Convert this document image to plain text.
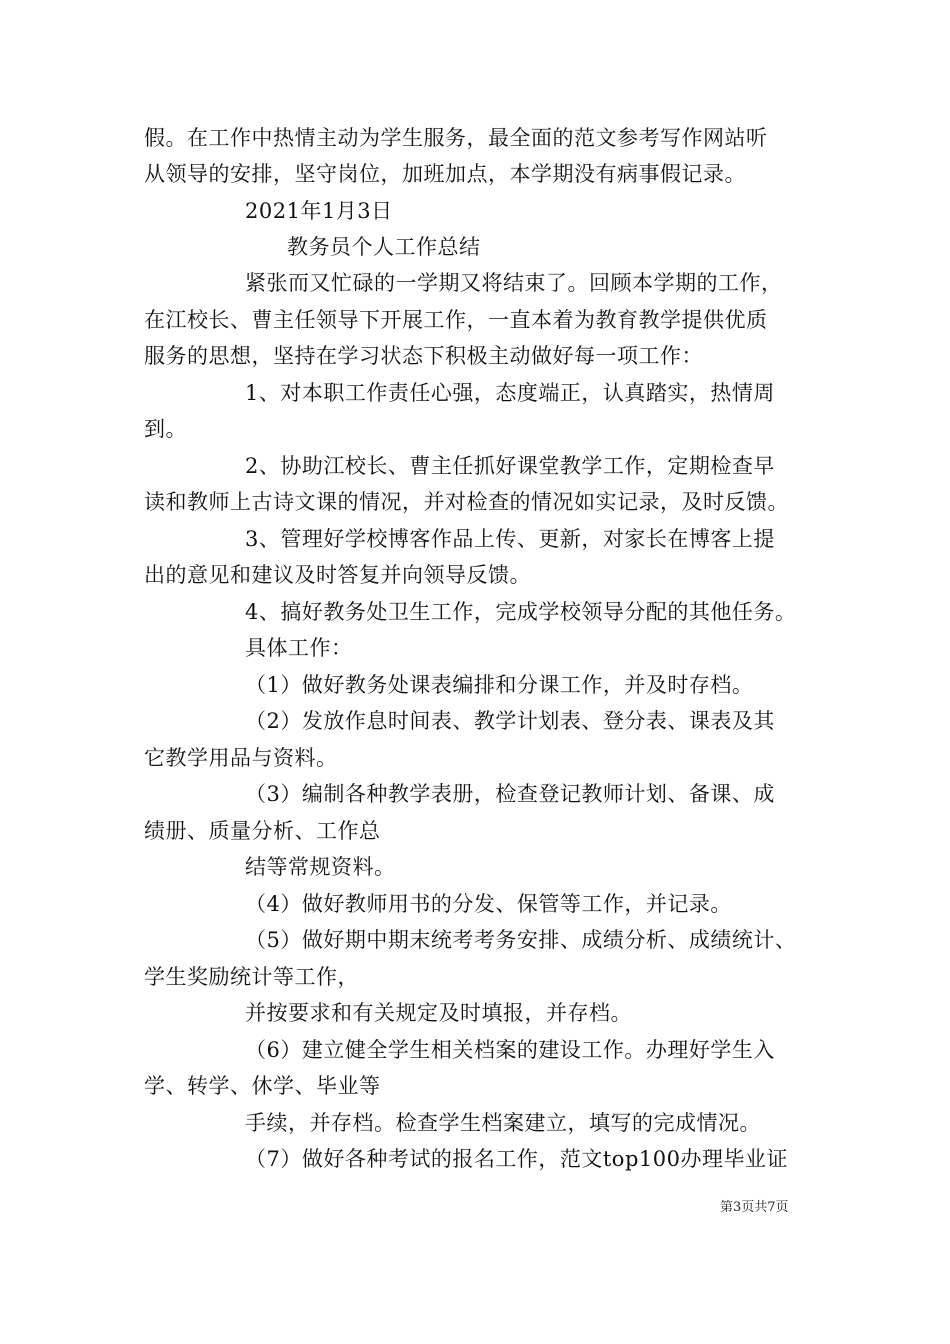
假。在工作中热情主动为学生服务，最全面的范文参考写作网站听
从领导的安排，坚守岗位，加班加点，本学期没有病事假记录。
2021年1月3日
教务员个人工作总结
紧张而又忙碌的一学期又将结束了。回顾本学期的工作，
在江校长、曹主任领导下开展工作，一直本着为教育教学提供优质
服务的思想，坚持在学习状态下积极主动做好每一项工作：
1、对本职工作责任心强，态度端正，认真踏实，热情周
到。
2、协助江校长、曹主任抓好课堂教学工作，定期检查早
读和教师上古诗文课的情况，并对检查的情况如实记录，及时反馈。
3、管理好学校博客作品上传、更新，对家长在博客上提
出的意见和建议及时答复并向领导反馈。
4、搞好教务处卫生工作，完成学校领导分配的其他任务。
具体工作：
（1）做好教务处课表编排和分课工作，并及时存档。
（2）发放作息时间表、教学计划表、登分表、课表及其
它教学用品与资料。
（3）编制各种教学表册，检查登记教师计划、备课、成
绩册、质量分析、工作总
结等常规资料。
（4）做好教师用书的分发、保管等工作，并记录。
（5）做好期中期末统考考务安排、成绩分析、成绩统计、
学生奖励统计等工作，
并按要求和有关规定及时填报，并存档。
（6）建立健全学生相关档案的建设工作。办理好学生入
学、转学、休学、毕业等
手续，并存档。检查学生档案建立，填写的完成情况。
（7）做好各种考试的报名工作，范文top100办理毕业证
第3页共7页
